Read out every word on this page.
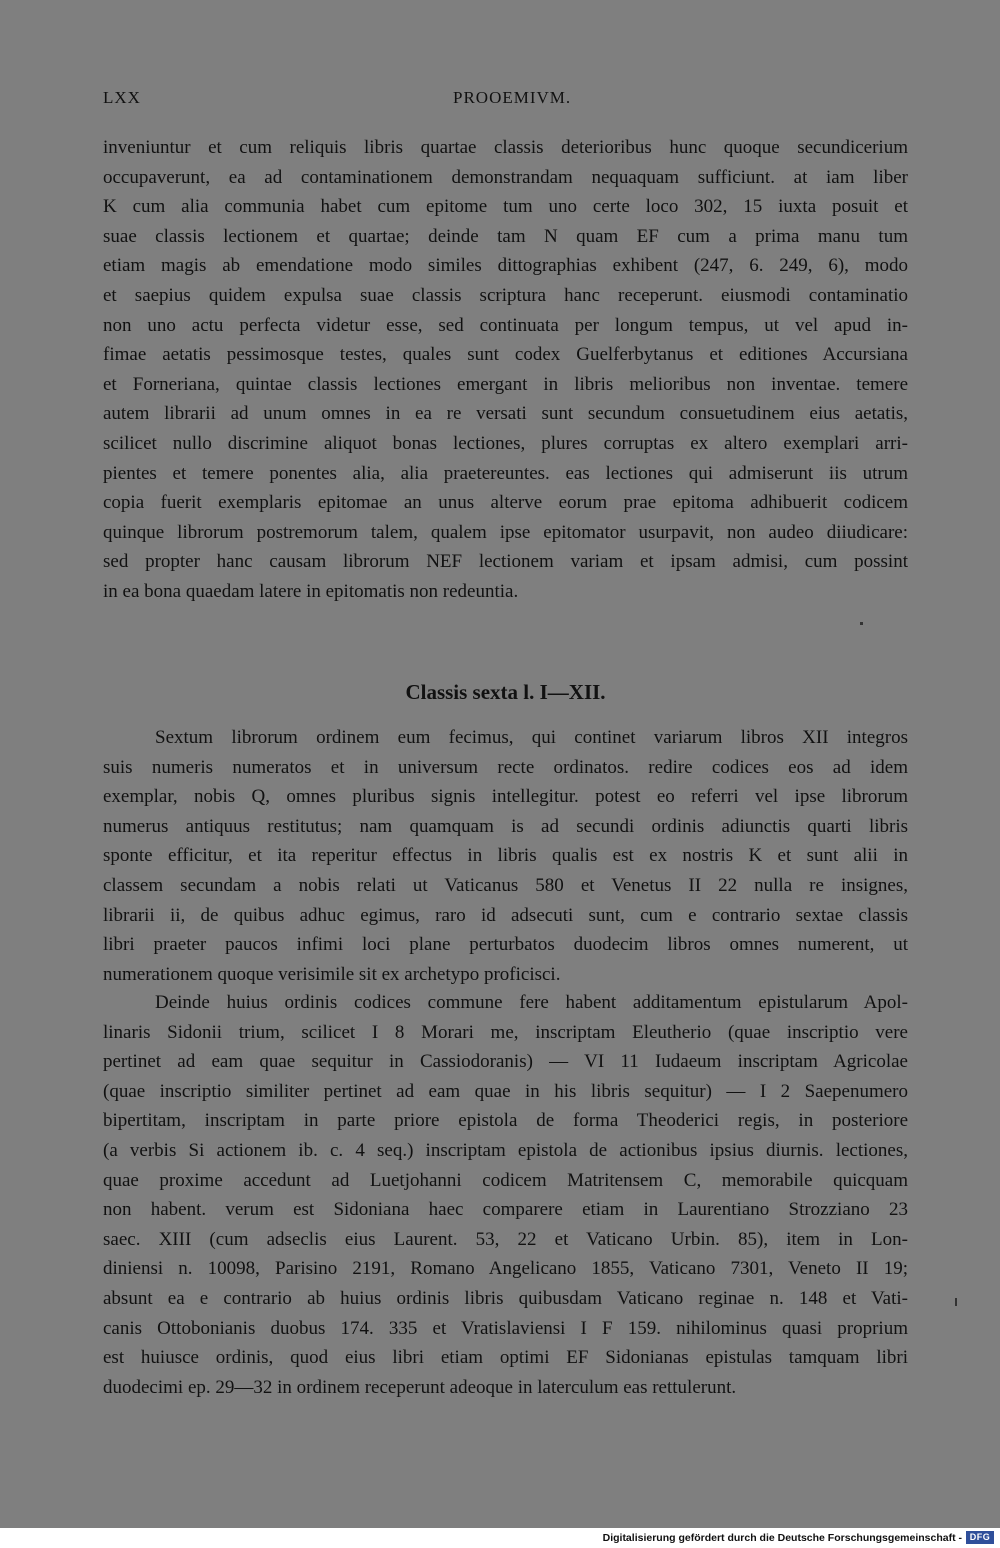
LXX	PROOEMIVM.
inveniuntur et cum reliquis libris quartae classis deterioribus hunc quoque secundicerium
occupaverunt, ea ad contaminationem demonstrandam nequaquam sufficiunt. at iam liber
K cum alia communia habet cum epitome tum uno certe loco 302, 15 iuxta posuit et
suae classis lectionem et quartae; deinde tam N quam EF cum a prima manu tum
etiam magis ab emendatione modo similes dittographias exhibent (247, 6. 249, 6), modo
et saepius quidem expulsa suae classis scriptura hanc receperunt. eiusmodi contaminatio
non uno actu perfecta videtur esse, sed continuata per longum tempus, ut vel apud in-
fimae aetatis pessimosque testes, quales sunt codex Guelferbytanus et editiones Accursiana
et Forneriana, quintae classis lectiones emergant in libris melioribus non inventae. temere
autem librarii ad unum omnes in ea re versati sunt secundum consuetudinem eius aetatis,
scilicet nullo discrimine aliquot bonas lectiones, plures corruptas ex altero exemplari arri-
pientes et temere ponentes alia, alia praetereuntes. eas lectiones qui admiserunt iis utrum
copia fuerit exemplaris epitomae an unus alterve eorum prae epitoma adhibuerit codicem
quinque librorum postremorum talem, qualem ipse epitomator usurpavit, non audeo diiudicare:
sed propter hanc causam librorum NEF lectionem variam et ipsam admisi, cum possint
in ea bona quaedam latere in epitomatis non redeuntia.
Classis sexta l. I—XII.
Sextum librorum ordinem eum fecimus, qui continet variarum libros XII integros
suis numeris numeratos et in universum recte ordinatos. redire codices eos ad idem
exemplar, nobis Q, omnes pluribus signis intellegitur. potest eo referri vel ipse librorum
numerus antiquus restitutus; nam quamquam is ad secundi ordinis adiunctis quarti libris
sponte efficitur, et ita reperitur effectus in libris qualis est ex nostris K et sunt alii in
classem secundam a nobis relati ut Vaticanus 580 et Venetus II 22 nulla re insignes,
librarii ii, de quibus adhuc egimus, raro id adsecuti sunt, cum e contrario sextae classis
libri praeter paucos infimi loci plane perturbatos duodecim libros omnes numerent, ut
numerationem quoque verisimile sit ex archetypo proficisci.
Deinde huius ordinis codices commune fere habent additamentum epistularum Apol-
linaris Sidonii trium, scilicet I 8 Morari me, inscriptam Eleutherio (quae inscriptio vere
pertinet ad eam quae sequitur in Cassiodoranis) — VI 11 Iudaeum inscriptam Agricolae
(quae inscriptio similiter pertinet ad eam quae in his libris sequitur) — I 2 Saepenumero
bipertitam, inscriptam in parte priore epistola de forma Theoderici regis, in posteriore
(a verbis Si actionem ib. c. 4 seq.) inscriptam epistola de actionibus ipsius diurnis. lectiones,
quae proxime accedunt ad Luetjohanni codicem Matritensem C, memorabile quicquam
non habent. verum est Sidoniana haec comparere etiam in Laurentiano Strozziano 23
saec. XIII (cum adseclis eius Laurent. 53, 22 et Vaticano Urbin. 85), item in Lon-
diniensi n. 10098, Parisino 2191, Romano Angelicano 1855, Vaticano 7301, Veneto II 19;
absunt ea e contrario ab huius ordinis libris quibusdam Vaticano reginae n. 148 et Vati-
canis Ottobonianis duobus 174. 335 et Vratislaviensi I F 159. nihilominus quasi proprium
est huiusce ordinis, quod eius libri etiam optimi EF Sidonianas epistulas tamquam libri
duodecimi ep. 29—32 in ordinem receperunt adeoque in laterculum eas rettulerunt.
Digitalisierung gefördert durch die Deutsche Forschungsgemeinschaft - DFG
